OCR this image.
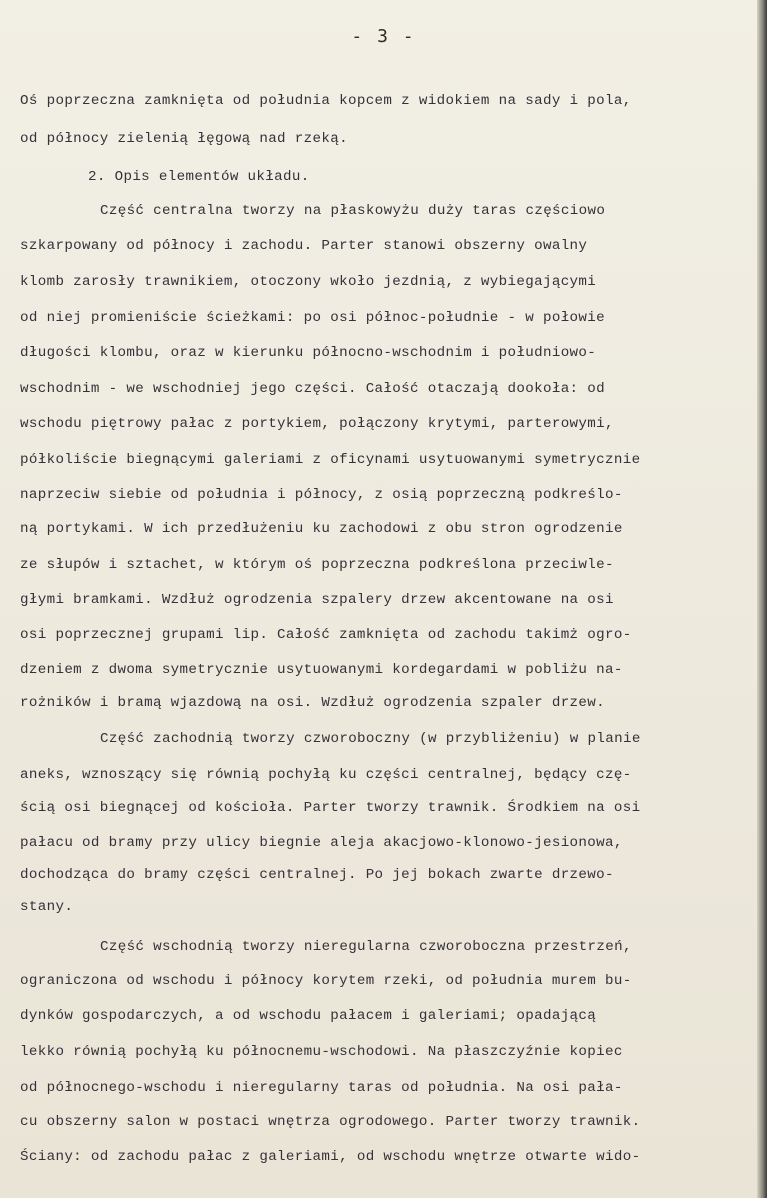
- 3 -
Oś poprzeczna zamknięta od południa kopcem z widokiem na sady i pola,
od północy zielenią łęgową nad rzeką.
2. Opis elementów układu.
Część centralna tworzy na płaskowyżu duży taras częściowo
szkarpowany od północy i zachodu. Parter stanowi obszerny owalny
klomb zarosły trawnikiem, otoczony wkoło jezdnią, z wybiegającymi
od niej promieniście ścieżkami: po osi północ-południe - w połowie
długości klombu, oraz w kierunku północno-wschodnim i południowo-
wschodnim - we wschodniej jego części. Całość otaczają dookoła: od
wschodu piętrowy pałac z portykiem, połączony krytymi, parterowymi,
półkoliście biegnącymi galeriami z oficynami usytuowanymi symetrycznie
naprzeciw siebie od południa i północy, z osią poprzeczną podkreślo-
ną portykami. W ich przedłużeniu ku zachodowi z obu stron ogrodzenie
ze słupów i sztachet, w którym oś poprzeczna podkreślona przeciwle-
głymi bramkami. Wzdłuż ogrodzenia szpalery drzew akcentowane na osi
osi poprzecznej grupami lip. Całość zamknięta od zachodu takimż ogro-
dzeniem z dwoma symetrycznie usytuowanymi kordegardami w pobliżu na-
rożników i bramą wjazdową na osi. Wzdłuż ogrodzenia szpaler drzew.
Część zachodnią tworzy czworoboczny (w przybliżeniu) w planie
aneks, wznoszący się równią pochyłą ku części centralnej, będący czę-
ścią osi biegnącej od kościoła. Parter tworzy trawnik. Środkiem na osi
pałacu od bramy przy ulicy biegnie aleja akacjowo-klonowo-jesionowa,
dochodząca do bramy części centralnej. Po jej bokach zwarte drzewo-
stany.
Część wschodnią tworzy nieregularna czworoboczna przestrzeń,
ograniczona od wschodu i północy korytem rzeki, od południa murem bu-
dynków gospodarczych, a od wschodu pałacem i galeriami; opadającą
lekko równią pochyłą ku północnemu-wschodowi. Na płaszczyźnie kopiec
od północnego-wschodu i nieregularny taras od południa. Na osi pała-
cu obszerny salon w postaci wnętrza ogrodowego. Parter tworzy trawnik.
Ściany: od zachodu pałac z galeriami, od wschodu wnętrze otwarte wido-
